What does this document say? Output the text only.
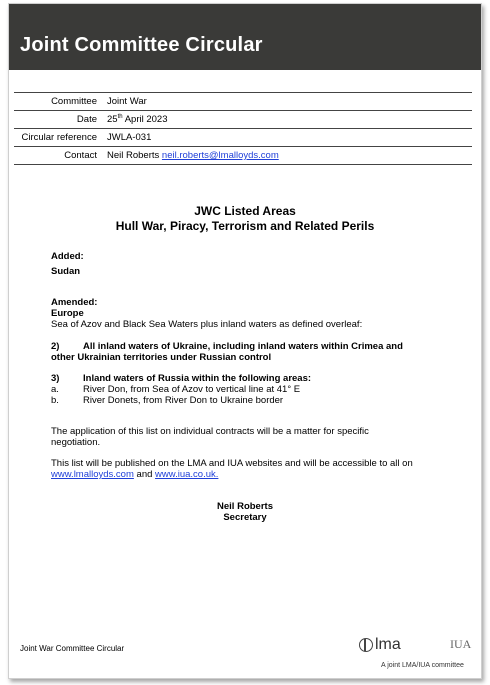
Joint Committee Circular
Committee	Joint War
Date	25th April 2023
Circular reference	JWLA-031
Contact	Neil Roberts neil.roberts@lmalloyds.com
JWC Listed Areas
Hull War, Piracy, Terrorism and Related Perils
Added:
Sudan
Amended:
Europe
Sea of Azov and Black Sea Waters plus inland waters as defined overleaf:
2) All inland waters of Ukraine, including inland waters within Crimea and
other Ukrainian territories under Russian control
3) Inland waters of Russia within the following areas:
a.	River Don, from Sea of Azov to vertical line at 41° E
b.	River Donets, from River Don to Ukraine border
The application of this list on individual contracts will be a matter for specific
negotiation.
This list will be published on the LMA and IUA websites and will be accessible to all on
www.lmalloyds.com and www.iua.co.uk.
Neil Roberts
Secretary
Joint War Committee Circular	lma	IUA
A joint LMA/IUA committee
